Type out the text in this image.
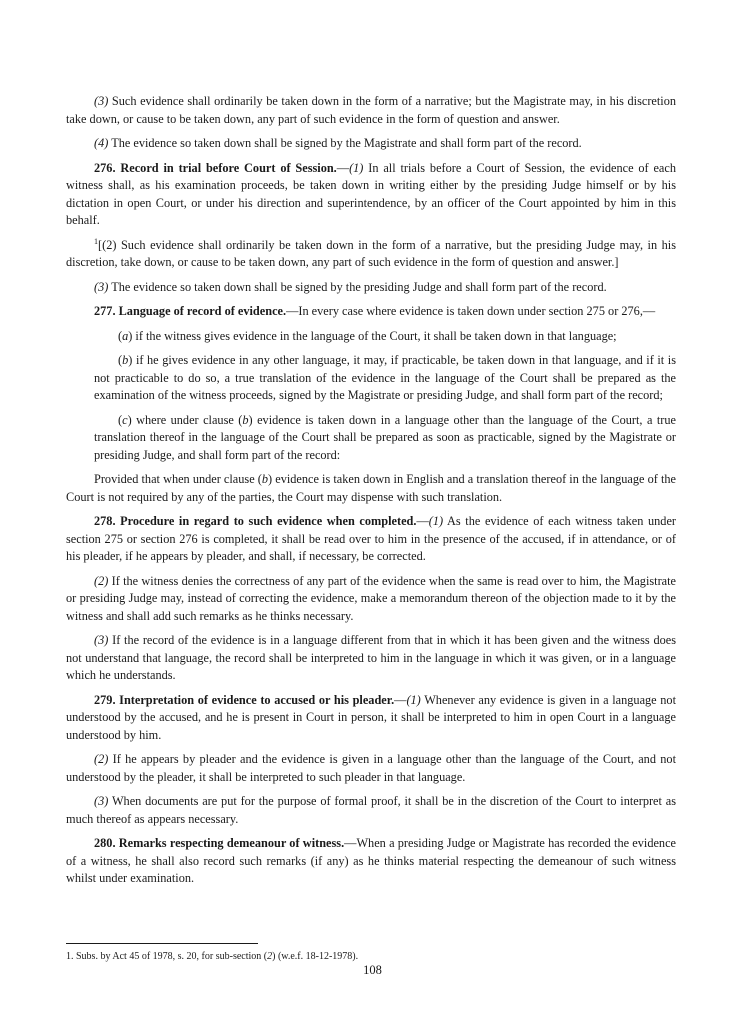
(3) Such evidence shall ordinarily be taken down in the form of a narrative; but the Magistrate may, in his discretion take down, or cause to be taken down, any part of such evidence in the form of question and answer.

(4) The evidence so taken down shall be signed by the Magistrate and shall form part of the record.

276. Record in trial before Court of Session.—(1) In all trials before a Court of Session, the evidence of each witness shall, as his examination proceeds, be taken down in writing either by the presiding Judge himself or by his dictation in open Court, or under his direction and superintendence, by an officer of the Court appointed by him in this behalf.

$^1$[(2) Such evidence shall ordinarily be taken down in the form of a narrative, but the presiding Judge may, in his discretion, take down, or cause to be taken down, any part of such evidence in the form of question and answer.]

(3) The evidence so taken down shall be signed by the presiding Judge and shall form part of the record.

277. Language of record of evidence.—In every case where evidence is taken down under section 275 or 276,—

(a) if the witness gives evidence in the language of the Court, it shall be taken down in that language;

(b) if he gives evidence in any other language, it may, if practicable, be taken down in that language, and if it is not practicable to do so, a true translation of the evidence in the language of the Court shall be prepared as the examination of the witness proceeds, signed by the Magistrate or presiding Judge, and shall form part of the record;

(c) where under clause (b) evidence is taken down in a language other than the language of the Court, a true translation thereof in the language of the Court shall be prepared as soon as practicable, signed by the Magistrate or presiding Judge, and shall form part of the record:

Provided that when under clause (b) evidence is taken down in English and a translation thereof in the language of the Court is not required by any of the parties, the Court may dispense with such translation.

278. Procedure in regard to such evidence when completed.—(1) As the evidence of each witness taken under section 275 or section 276 is completed, it shall be read over to him in the presence of the accused, if in attendance, or of his pleader, if he appears by pleader, and shall, if necessary, be corrected.

(2) If the witness denies the correctness of any part of the evidence when the same is read over to him, the Magistrate or presiding Judge may, instead of correcting the evidence, make a memorandum thereon of the objection made to it by the witness and shall add such remarks as he thinks necessary.

(3) If the record of the evidence is in a language different from that in which it has been given and the witness does not understand that language, the record shall be interpreted to him in the language in which it was given, or in a language which he understands.

279. Interpretation of evidence to accused or his pleader.—(1) Whenever any evidence is given in a language not understood by the accused, and he is present in Court in person, it shall be interpreted to him in open Court in a language understood by him.

(2) If he appears by pleader and the evidence is given in a language other than the language of the Court, and not understood by the pleader, it shall be interpreted to such pleader in that language.

(3) When documents are put for the purpose of formal proof, it shall be in the discretion of the Court to interpret as much thereof as appears necessary.

280. Remarks respecting demeanour of witness.—When a presiding Judge or Magistrate has recorded the evidence of a witness, he shall also record such remarks (if any) as he thinks material respecting the demeanour of such witness whilst under examination.

1. Subs. by Act 45 of 1978, s. 20, for sub-section (2) (w.e.f. 18-12-1978).
108
